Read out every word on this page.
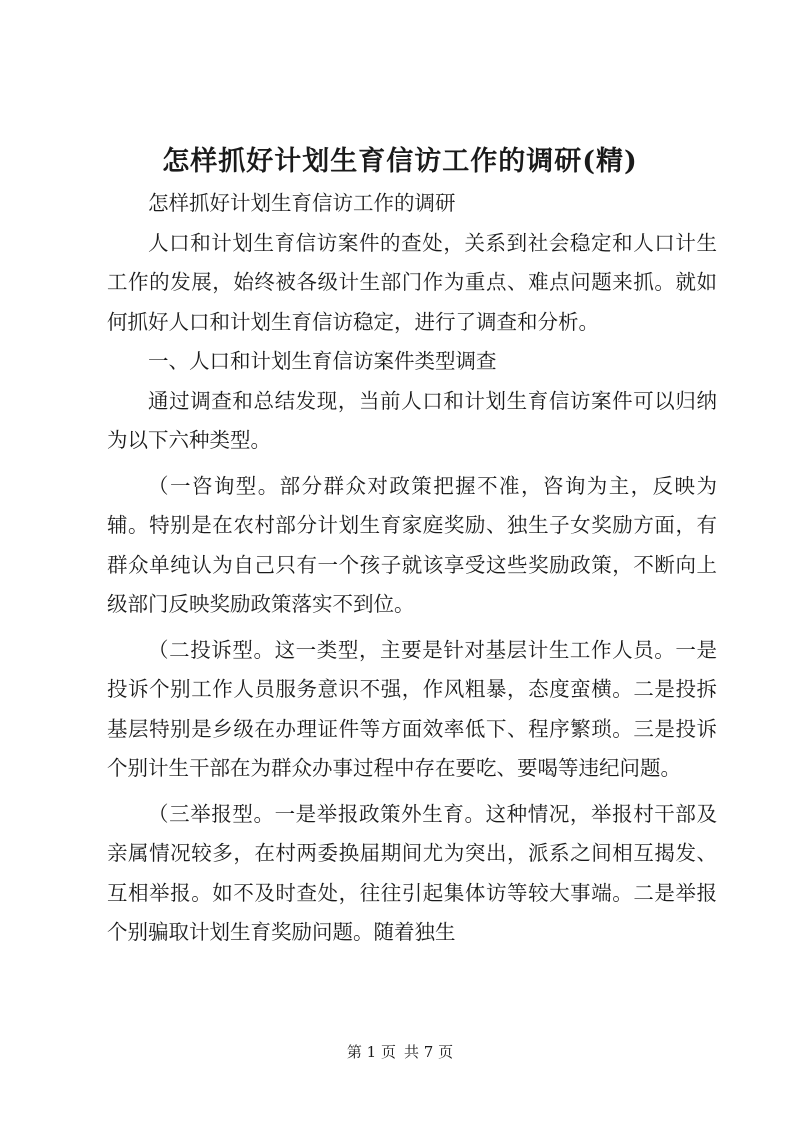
怎样抓好计划生育信访工作的调研(精)

怎样抓好计划生育信访工作的调研

人口和计划生育信访案件的查处，关系到社会稳定和人口计生工作的发展，始终被各级计生部门作为重点、难点问题来抓。就如何抓好人口和计划生育信访稳定，进行了调查和分析。

一、人口和计划生育信访案件类型调查

通过调查和总结发现，当前人口和计划生育信访案件可以归纳为以下六种类型。

（一咨询型。部分群众对政策把握不准，咨询为主，反映为辅。特别是在农村部分计划生育家庭奖励、独生子女奖励方面，有群众单纯认为自己只有一个孩子就该享受这些奖励政策，不断向上级部门反映奖励政策落实不到位。

（二投诉型。这一类型，主要是针对基层计生工作人员。一是投诉个别工作人员服务意识不强，作风粗暴，态度蛮横。二是投拆基层特别是乡级在办理证件等方面效率低下、程序繁琐。三是投诉个别计生干部在为群众办事过程中存在要吃、要喝等违纪问题。

（三举报型。一是举报政策外生育。这种情况，举报村干部及亲属情况较多，在村两委换届期间尤为突出，派系之间相互揭发、互相举报。如不及时查处，往往引起集体访等较大事端。二是举报个别骗取计划生育奖励问题。随着独生

第 1 页 共 7 页
